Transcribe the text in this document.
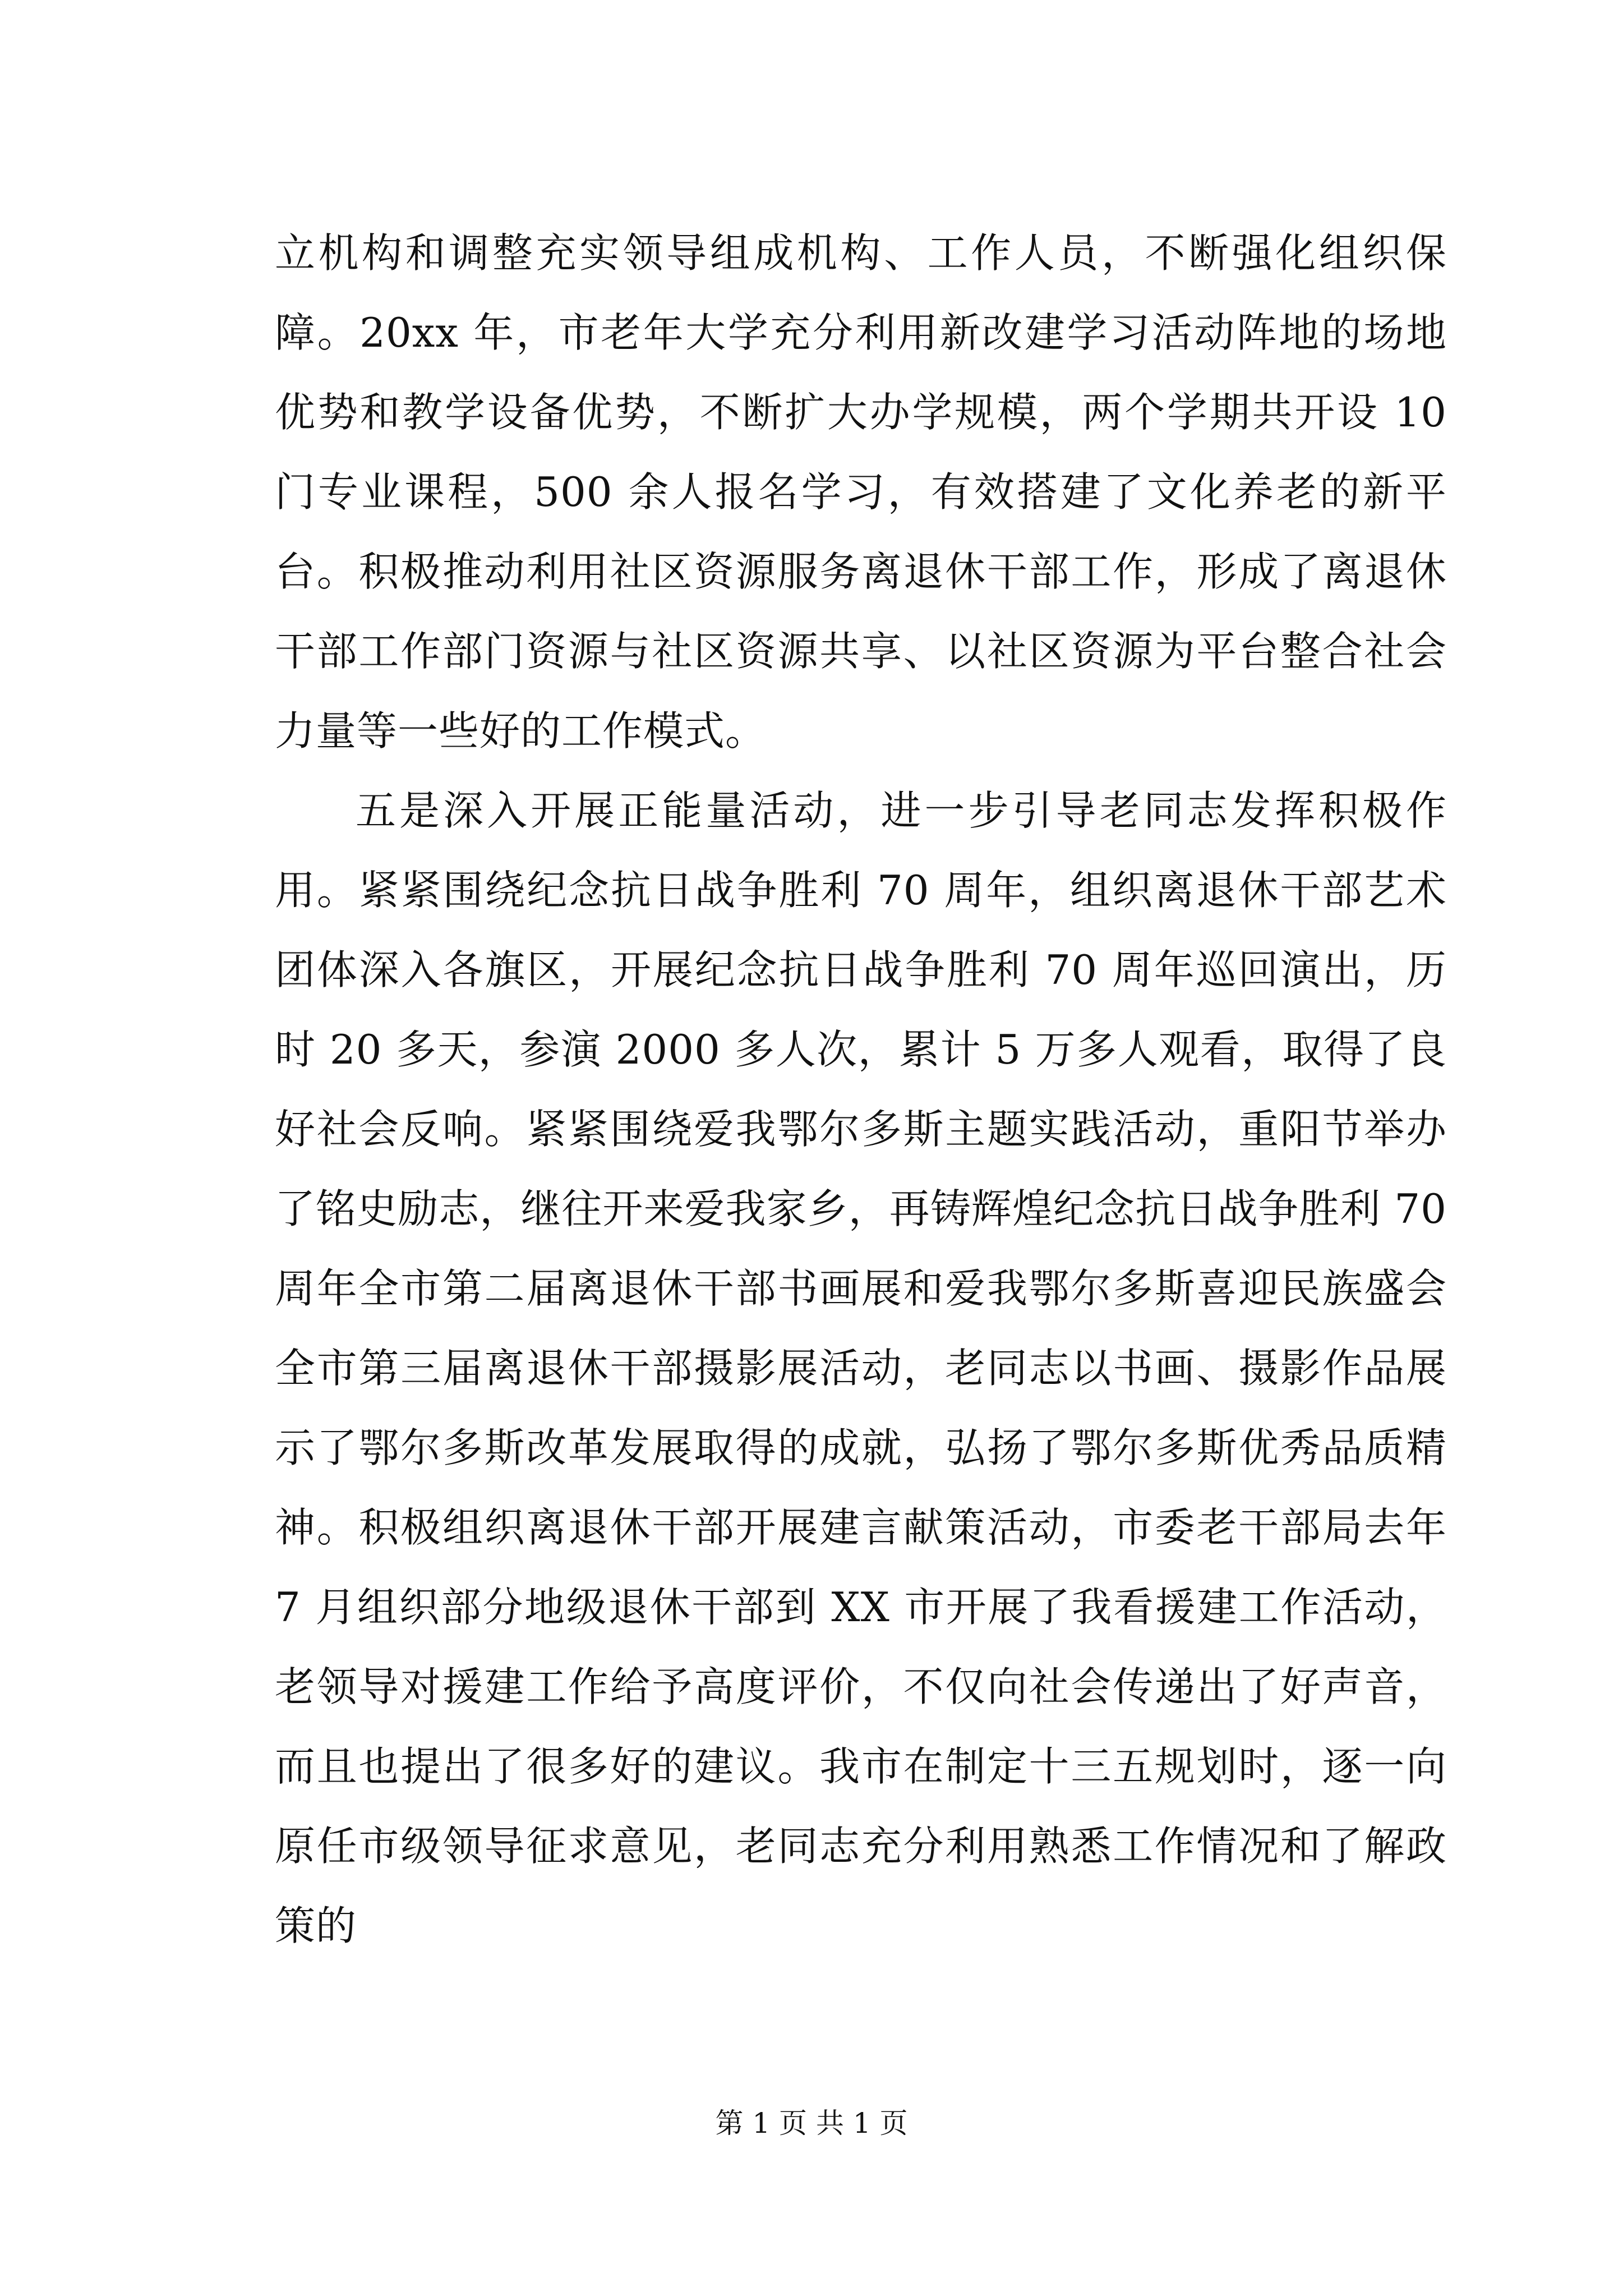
立机构和调整充实领导组成机构、工作人员，不断强化组织保障。20xx 年，市老年大学充分利用新改建学习活动阵地的场地优势和教学设备优势，不断扩大办学规模，两个学期共开设 10 门专业课程，500 余人报名学习，有效搭建了文化养老的新平台。积极推动利用社区资源服务离退休干部工作，形成了离退休干部工作部门资源与社区资源共享、以社区资源为平台整合社会力量等一些好的工作模式。

五是深入开展正能量活动，进一步引导老同志发挥积极作用。紧紧围绕纪念抗日战争胜利 70 周年，组织离退休干部艺术团体深入各旗区，开展纪念抗日战争胜利 70 周年巡回演出，历时 20 多天，参演 2000 多人次，累计 5 万多人观看，取得了良好社会反响。紧紧围绕爱我鄂尔多斯主题实践活动，重阳节举办了铭史励志，继往开来爱我家乡，再铸辉煌纪念抗日战争胜利 70 周年全市第二届离退休干部书画展和爱我鄂尔多斯喜迎民族盛会全市第三届离退休干部摄影展活动，老同志以书画、摄影作品展示了鄂尔多斯改革发展取得的成就，弘扬了鄂尔多斯优秀品质精神。积极组织离退休干部开展建言献策活动，市委老干部局去年 7 月组织部分地级退休干部到 XX 市开展了我看援建工作活动，老领导对援建工作给予高度评价，不仅向社会传递出了好声音，而且也提出了很多好的建议。我市在制定十三五规划时，逐一向原任市级领导征求意见，老同志充分利用熟悉工作情况和了解政策的

第 1 页 共 1 页
